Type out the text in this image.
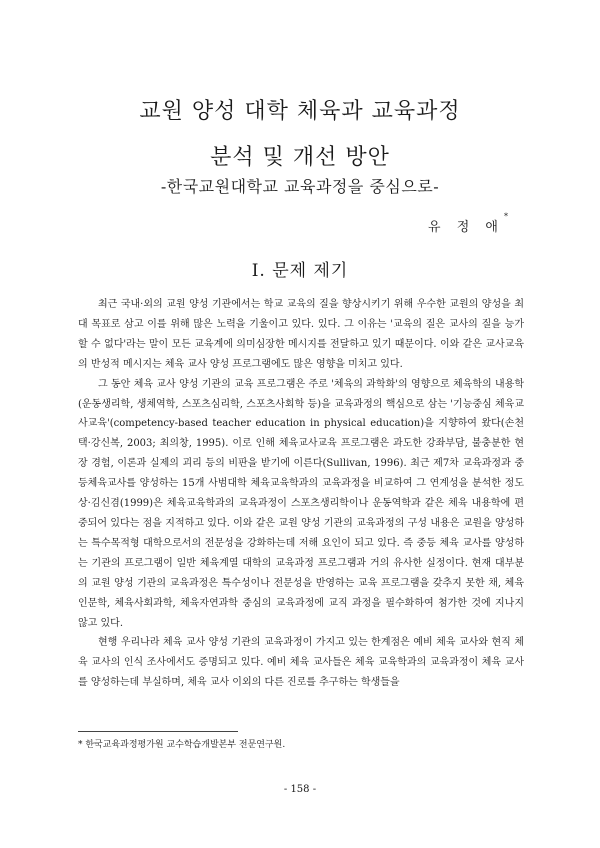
교원 양성 대학 체육과 교육과정
분석 및 개선 방안
-한국교원대학교 교육과정을 중심으로-
유 정 애*
I. 문제 제기

최근 국내·외의 교원 양성 기관에서는 학교 교육의 질을 향상시키기 위해 우수한 교원의 양성을 최대 목표로 삼고 이를 위해 많은 노력을 기울이고 있다. 있다. 그 이유는 '교육의 질은 교사의 질을 능가할 수 없다'라는 말이 모든 교육계에 의미심장한 메시지를 전달하고 있기 때문이다. 이와 같은 교사교육의 반성적 메시지는 체육 교사 양성 프로그램에도 많은 영향을 미치고 있다.

그 동안 체육 교사 양성 기관의 교육 프로그램은 주로 '체육의 과학화'의 영향으로 체육학의 내용학(운동생리학, 생체역학, 스포츠심리학, 스포츠사회학 등)을 교육과정의 핵심으로 삼는 '기능중심 체육교사교육'(competency-based teacher education in physical education)을 지향하여 왔다(손천택·강신복, 2003; 최의창, 1995). 이로 인해 체육교사교육 프로그램은 과도한 강좌부담, 불충분한 현장 경험, 이론과 실제의 괴리 등의 비판을 받기에 이른다(Sullivan, 1996). 최근 제7차 교육과정과 중등체육교사를 양성하는 15개 사범대학 체육교육학과의 교육과정을 비교하여 그 연계성을 분석한 정도상·김신겸(1999)은 체육교육학과의 교육과정이 스포츠생리학이나 운동역학과 같은 체육 내용학에 편중되어 있다는 점을 지적하고 있다. 이와 같은 교원 양성 기관의 교육과정의 구성 내용은 교원을 양성하는 특수목적형 대학으로서의 전문성을 강화하는데 저해 요인이 되고 있다. 즉 중등 체육 교사를 양성하는 기관의 프로그램이 일반 체육계열 대학의 교육과정 프로그램과 거의 유사한 실정이다. 현재 대부분의 교원 양성 기관의 교육과정은 특수성이나 전문성을 반영하는 교육 프로그램을 갖추지 못한 채, 체육인문학, 체육사회과학, 체육자연과학 중심의 교육과정에 교직 과정을 필수화하여 첨가한 것에 지나지 않고 있다.

현행 우리나라 체육 교사 양성 기관의 교육과정이 가지고 있는 한계점은 예비 체육 교사와 현직 체육 교사의 인식 조사에서도 증명되고 있다. 예비 체육 교사들은 체육 교육학과의 교육과정이 체육 교사를 양성하는데 부실하며, 체육 교사 이외의 다른 진로를 추구하는 학생들을

* 한국교육과정평가원 교수학습개발본부 전문연구원.
- 158 -
